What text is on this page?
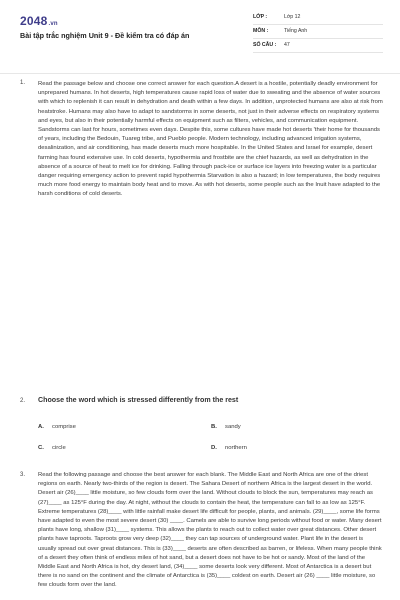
2048.vn
Bài tập trắc nghiệm Unit 9 - Đề kiểm tra có đáp án
LỚP :	Lớp 12
MÔN :	Tiếng Anh
SỐ CÂU : 47
1. Read the passage below and choose one correct answer for each question.A desert is a hostile, potentially deadly environment for unprepared humans. In hot deserts, high temperatures cause rapid loss of water due to sweating and the absence of water sources with which to replenish it can result in dehydration and death within a few days. In addition, unprotected humans are also at risk from heatstroke. Humans may also have to adapt to sandstorms in some deserts, not just in their adverse effects on respiratory systems and eyes, but also in their potentially harmful effects on equipment such as filters, vehicles, and communication equipment. Sandstorms can last for hours, sometimes even days. Despite this, some cultures have made hot deserts 'their home for thousands of years, including the Bedouin, Tuareg tribe, and Pueblo people. Modern technology, including advanced irrigation systems, desalinization, and air conditioning, has made deserts much more hospitable. In the United States and Israel for example, desert farming has found extensive use. In cold deserts, hypothermia and frostbite are the chief hazards, as well as dehydration in the absence of a source of heat to melt ice for drinking. Falling through pack-ice or surface ice layers into freezing water is a particular danger requiring emergency action to prevent rapid hypothermia Starvation is also a hazard; in low temperatures, the body requires much more food energy to maintain body heat and to move. As with hot deserts, some people such as the Inuit have adapted to the harsh conditions of cold deserts.
2. Choose the word which is stressed differently from the rest
A. comprise	B. sandy
C. circle	D. northern
3. Read the following passage and choose the best answer for each blank. The Middle East and North Africa are one of the driest regions on earth. Nearly two-thirds of the region is desert. The Sahara Desert of northern Africa is the largest desert in the world. Desert air (26)____ little moisture, so few clouds form over the land. Without clouds to block the sun, temperatures may reach as (27)____ as 125°F during the day. At night, without the clouds to contain the heat, the temperature can fall to as low as 125°F. Extreme temperatures (28)____ with little rainfall make desert life difficult for people, plants, and animals. (29)____, some life forms have adapted to even the most severe desert (30) ____. Camels are able to survive long periods without food or water. Many desert plants have long, shallow (31)____ systems. This allows the plants to reach out to collect water over great distances. Other desert plants have taproots. Taproots grow very deep (32)____ they can tap sources of underground water. Plant life in the desert is usually spread out over great distances. This is (33)____ deserts are often described as barren, or lifeless. When many people think of a desert they often think of endless miles of hot sand, but a desert does not have to be hot or sandy. Most of the land of the Middle East and North Africa is hot, dry desert land, (34)____ some deserts look very different. Most of Antarctica is a desert but there is no sand on the continent and the climate of Antarctica is (35)____ coldest on earth. Desert air (26) ____ little moisture, so few clouds form over the land.
